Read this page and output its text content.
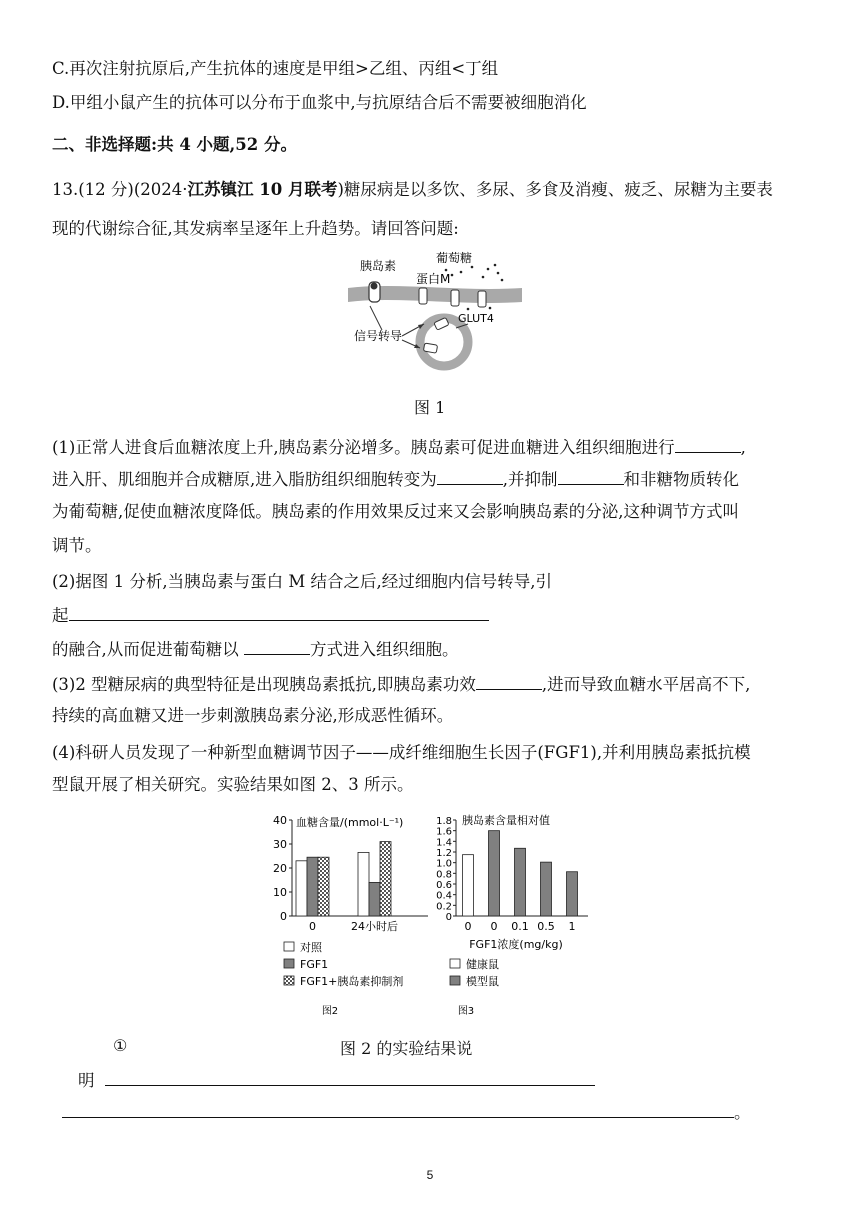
C.再次注射抗原后,产生抗体的速度是甲组>乙组、丙组<丁组
D.甲组小鼠产生的抗体可以分布于血浆中,与抗原结合后不需要被细胞消化
二、非选择题:共 4 小题,52 分。
13.(12 分)(2024·江苏镇江 10 月联考)糖尿病是以多饮、多尿、多食及消瘦、疲乏、尿糖为主要表
现的代谢综合征,其发病率呈逐年上升趋势。请回答问题:
胰岛素
葡萄糖
蛋白M
GLUT4
信号转导
图 1
(1)正常人进食后血糖浓度上升,胰岛素分泌增多。胰岛素可促进血糖进入组织细胞进行	,
进入肝、肌细胞并合成糖原,进入脂肪组织细胞转变为	,并抑制	和非糖物质转化
为葡萄糖,促使血糖浓度降低。胰岛素的作用效果反过来又会影响胰岛素的分泌,这种调节方式叫
调节。
(2)据图 1 分析,当胰岛素与蛋白 M 结合之后,经过细胞内信号转导,引
起
的融合,从而促进葡萄糖以	方式进入组织细胞。
(3)2 型糖尿病的典型特征是出现胰岛素抵抗,即胰岛素功效	,进而导致血糖水平居高不下,
持续的高血糖又进一步刺激胰岛素分泌,形成恶性循环。
(4)科研人员发现了一种新型血糖调节因子——成纤维细胞生长因子(FGF1),并利用胰岛素抵抗模
型鼠开展了相关研究。实验结果如图 2、3 所示。
0
10
20
30
40 血糖含量/(mmol·L⁻¹)
0	24小时后
对照
FGF1
FGF1+胰岛素抑制剂
图2
0
0.2
0.4
0.6
0.8
1.0
1.2
1.4
1.6
1.8 胰岛素含量相对值
0 0 0.1 0.5 1
FGF1浓度(mg/kg)
健康鼠
模型鼠
图3
①	图 2 的实验结果说
明
。
5
